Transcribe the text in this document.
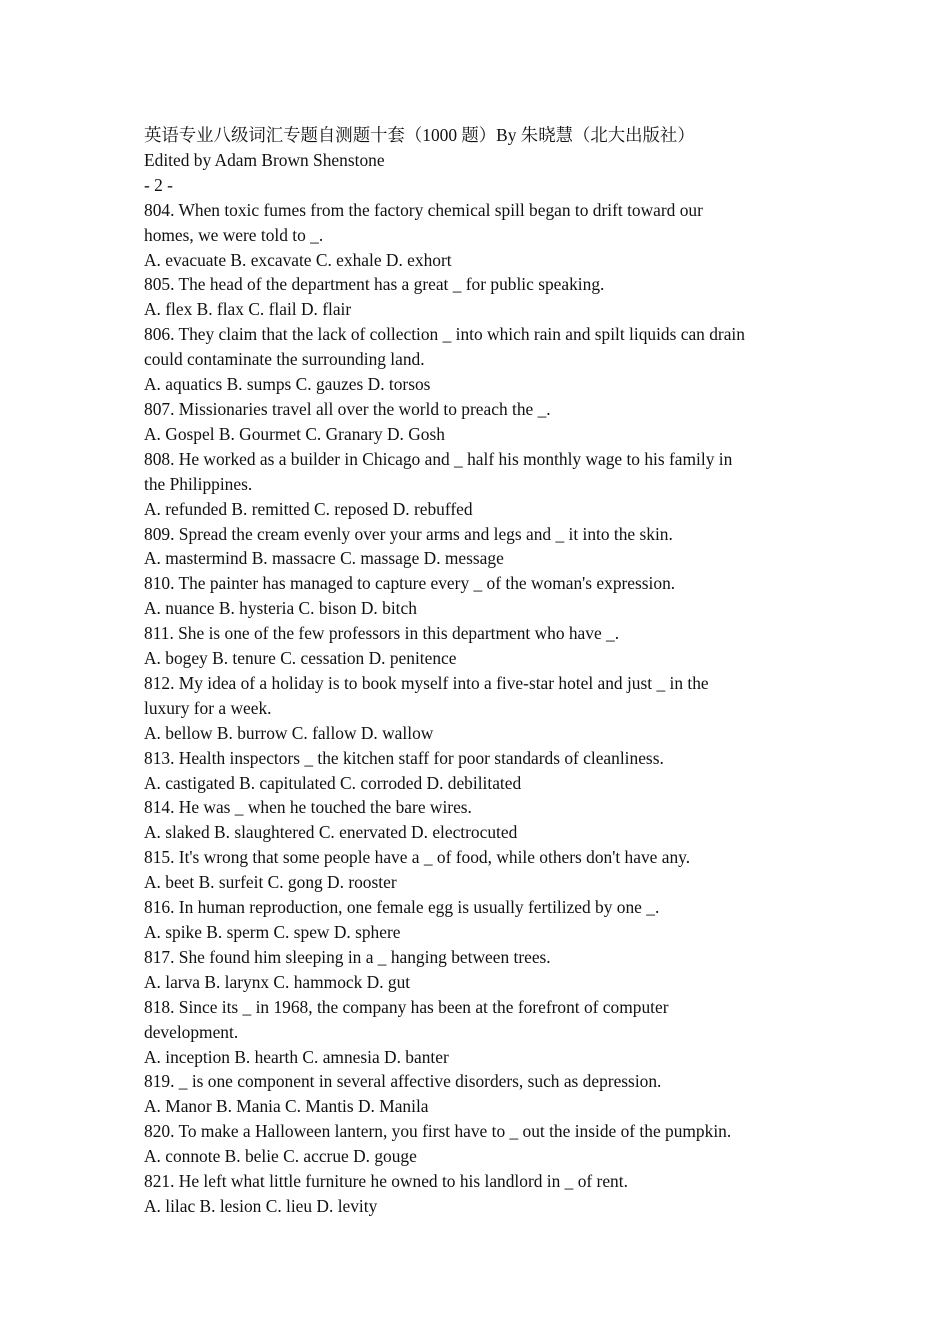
英语专业八级词汇专题自测题十套（1000 题）By 朱晓慧（北大出版社）
Edited by Adam Brown Shenstone
- 2 -
804. When toxic fumes from the factory chemical spill began to drift toward our
homes, we were told to _.
A. evacuate B. excavate C. exhale D. exhort
805. The head of the department has a great _ for public speaking.
A. flex B. flax C. flail D. flair
806. They claim that the lack of collection _ into which rain and spilt liquids can drain
could contaminate the surrounding land.
A. aquatics B. sumps C. gauzes D. torsos
807. Missionaries travel all over the world to preach the _.
A. Gospel B. Gourmet C. Granary D. Gosh
808. He worked as a builder in Chicago and _ half his monthly wage to his family in
the Philippines.
A. refunded B. remitted C. reposed D. rebuffed
809. Spread the cream evenly over your arms and legs and _ it into the skin.
A. mastermind B. massacre C. massage D. message
810. The painter has managed to capture every _ of the woman's expression.
A. nuance B. hysteria C. bison D. bitch
811. She is one of the few professors in this department who have _.
A. bogey B. tenure C. cessation D. penitence
812. My idea of a holiday is to book myself into a five-star hotel and just _ in the
luxury for a week.
A. bellow B. burrow C. fallow D. wallow
813. Health inspectors _ the kitchen staff for poor standards of cleanliness.
A. castigated B. capitulated C. corroded D. debilitated
814. He was _ when he touched the bare wires.
A. slaked B. slaughtered C. enervated D. electrocuted
815. It's wrong that some people have a _ of food, while others don't have any.
A. beet B. surfeit C. gong D. rooster
816. In human reproduction, one female egg is usually fertilized by one _.
A. spike B. sperm C. spew D. sphere
817. She found him sleeping in a _ hanging between trees.
A. larva B. larynx C. hammock D. gut
818. Since its _ in 1968, the company has been at the forefront of computer
development.
A. inception B. hearth C. amnesia D. banter
819. _ is one component in several affective disorders, such as depression.
A. Manor B. Mania C. Mantis D. Manila
820. To make a Halloween lantern, you first have to _ out the inside of the pumpkin.
A. connote B. belie C. accrue D. gouge
821. He left what little furniture he owned to his landlord in _ of rent.
A. lilac B. lesion C. lieu D. levity
